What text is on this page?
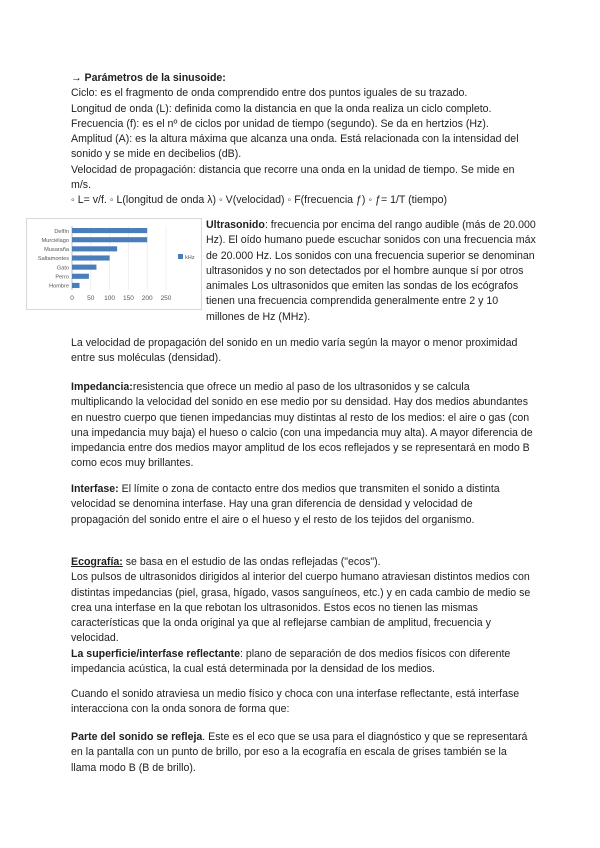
→ Parámetros de la sinusoide:
Ciclo: es el fragmento de onda comprendido entre dos puntos iguales de su trazado.
Longitud de onda (L): definida como la distancia en que la onda realiza un ciclo completo.
Frecuencia (f): es el nº de ciclos por unidad de tiempo (segundo). Se da en hertzios (Hz).
Amplitud (A): es la altura máxima que alcanza una onda. Está relacionada con la intensidad del sonido y se mide en decibelios (dB).
Velocidad de propagación: distancia que recorre una onda en la unidad de tiempo. Se mide en m/s.
◦ L= v/f. ◦ L(longitud de onda λ) ◦ V(velocidad) ◦ F(frecuencia ƒ) ◦ ƒ= 1/T (tiempo)
0 50 100 150 200 250
Delfín
Murciélago
Musaraña
Saltamontes
Gato
Perro
Hombre
kHz

Ultrasonido: frecuencia por encima del rango audible (más de 20.000 Hz). El oído humano puede escuchar sonidos con una frecuencia máx de 20.000 Hz. Los sonidos con una frecuencia superior se denominan ultrasonidos y no son detectados por el hombre aunque sí por otros animales Los ultrasonidos que emiten las sondas de los ecógrafos tienen una frecuencia comprendida generalmente entre 2 y 10 millones de Hz (MHz).

La velocidad de propagación del sonido en un medio varía según la mayor o menor proximidad entre sus moléculas (densidad).

Impedancia:resistencia que ofrece un medio al paso de los ultrasonidos y se calcula multiplicando la velocidad del sonido en ese medio por su densidad. Hay dos medios abundantes en nuestro cuerpo que tienen impedancias muy distintas al resto de los medios: el aire o gas (con una impedancia muy baja) el hueso o calcio (con una impedancia muy alta). A mayor diferencia de impedancia entre dos medios mayor amplitud de los ecos reflejados y se representará en modo B como ecos muy brillantes.

Interfase: El límite o zona de contacto entre dos medios que transmiten el sonido a distinta velocidad se denomina interfase. Hay una gran diferencia de densidad y velocidad de propagación del sonido entre el aire o el hueso y el resto de los tejidos del organismo.

Ecografía: se basa en el estudio de las ondas reflejadas ("ecos").
Los pulsos de ultrasonidos dirigidos al interior del cuerpo humano atraviesan distintos medios con distintas impedancias (piel, grasa, hígado, vasos sanguíneos, etc.) y en cada cambio de medio se crea una interfase en la que rebotan los ultrasonidos. Estos ecos no tienen las mismas características que la onda original ya que al reflejarse cambian de amplitud, frecuencia y velocidad.
La superficie/interfase reflectante: plano de separación de dos medios físicos con diferente impedancia acústica, la cual está determinada por la densidad de los medios.

Cuando el sonido atraviesa un medio físico y choca con una interfase reflectante, está interfase interacciona con la onda sonora de forma que:

Parte del sonido se refleja. Este es el eco que se usa para el diagnóstico y que se representará en la pantalla con un punto de brillo, por eso a la ecografía en escala de grises también se la llama modo B (B de brillo).
